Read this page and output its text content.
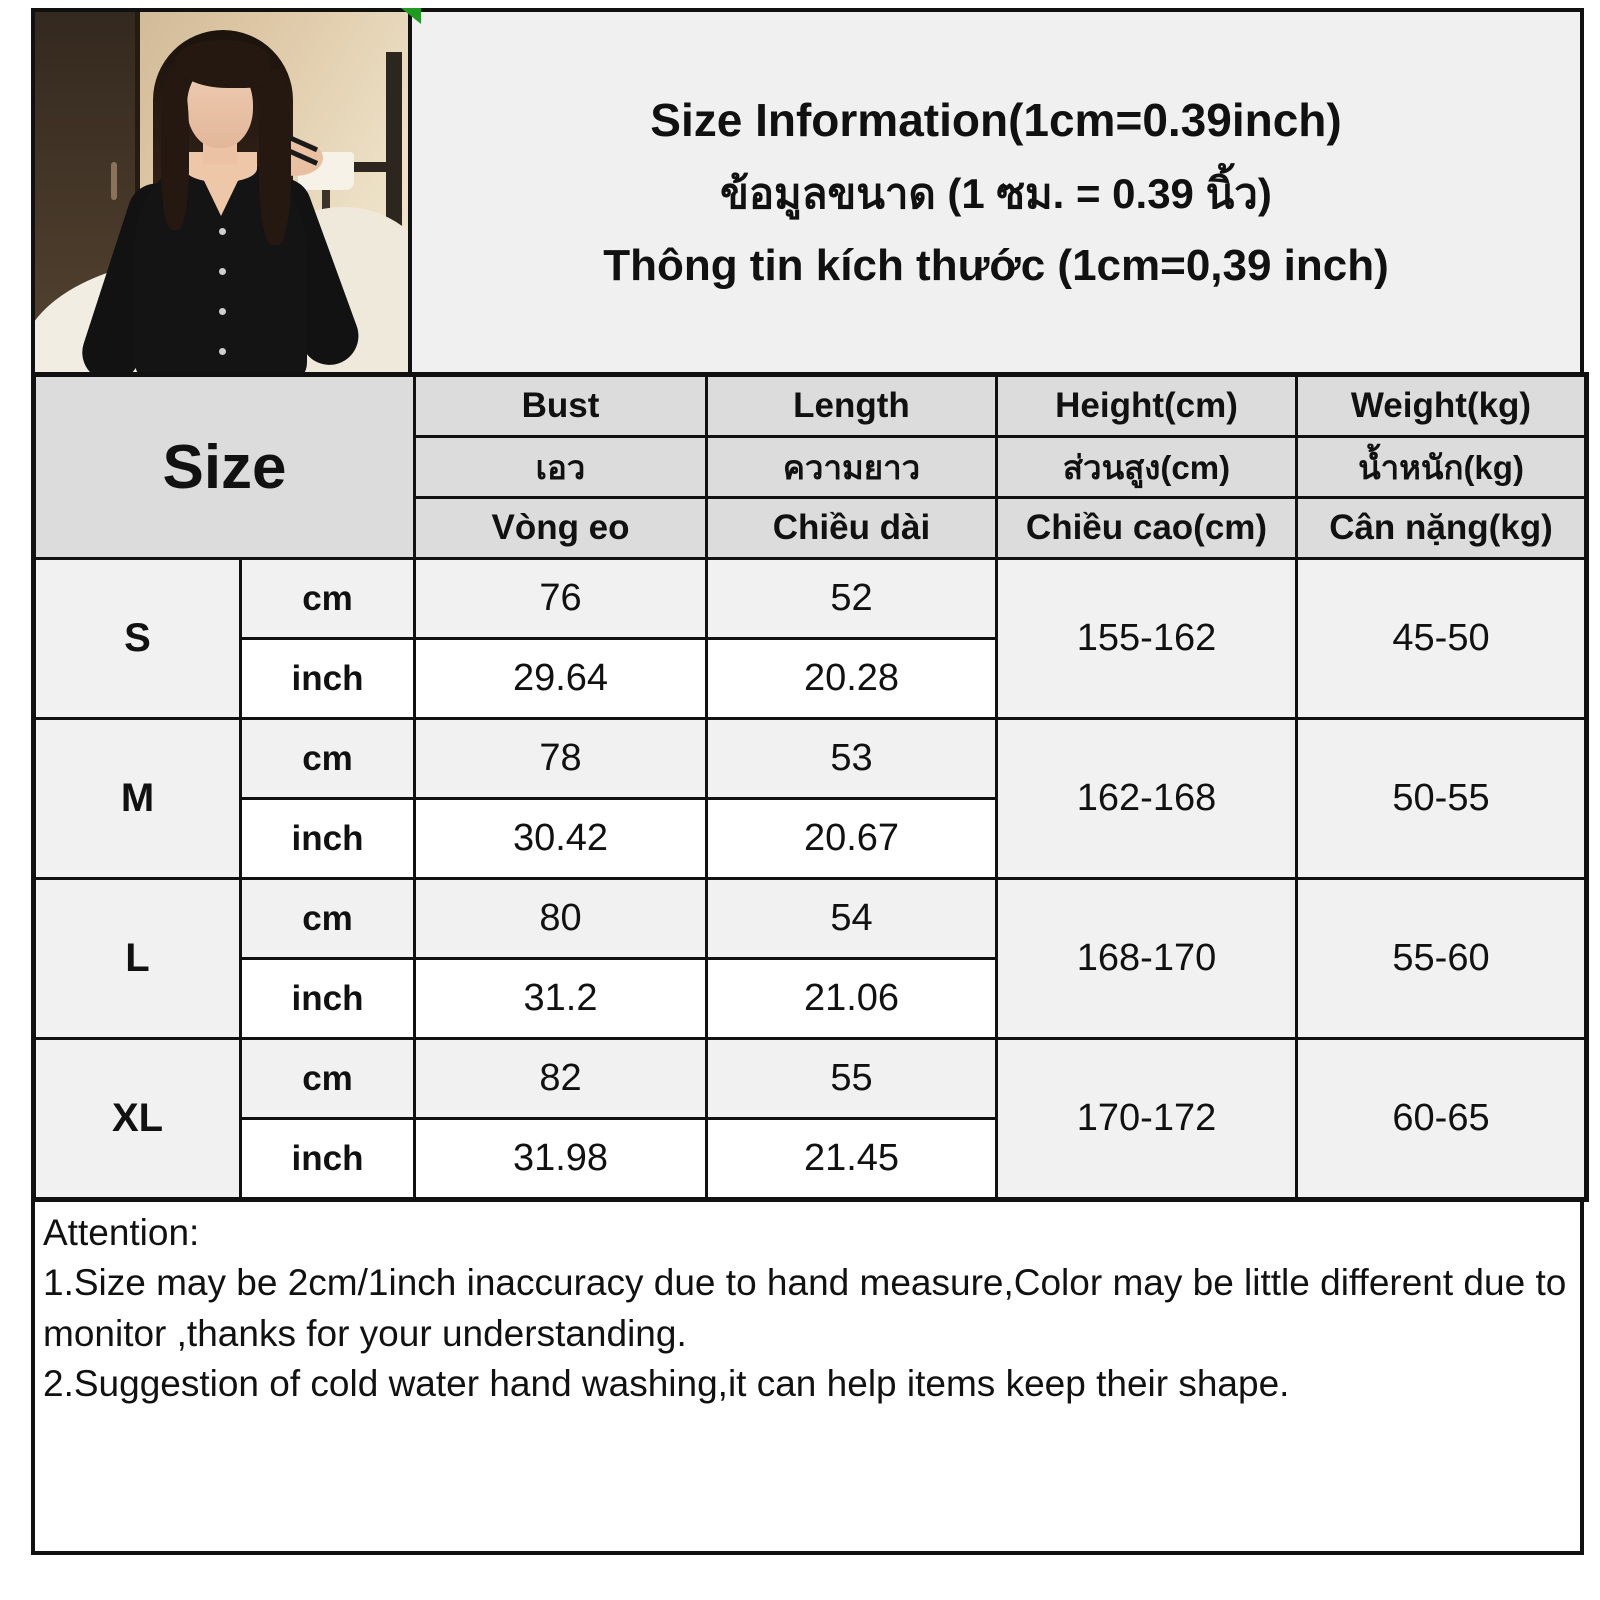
Size Information(1cm=0.39inch)
ข้อมูลขนาด (1 ซม. = 0.39 นิ้ว)
Thông tin kích thước (1cm=0,39 inch)
Size		Bust	Length	Height(cm)	Weight(kg)
		เอว	ความยาว	ส่วนสูง(cm)	น้ำหนัก(kg)
		Vòng eo	Chiều dài	Chiều cao(cm)	Cân nặng(kg)
S	cm	76	52	155-162	45-50
	inch	29.64	20.28		
M	cm	78	53	162-168	50-55
	inch	30.42	20.67		
L	cm	80	54	168-170	55-60
	inch	31.2	21.06		
XL	cm	82	55	170-172	60-65
	inch	31.98	21.45		
Attention:
1.Size may be 2cm/1inch inaccuracy due to hand measure,Color may be little different due to monitor ,thanks for your understanding.
2.Suggestion of cold water hand washing,it can help items keep their shape.
